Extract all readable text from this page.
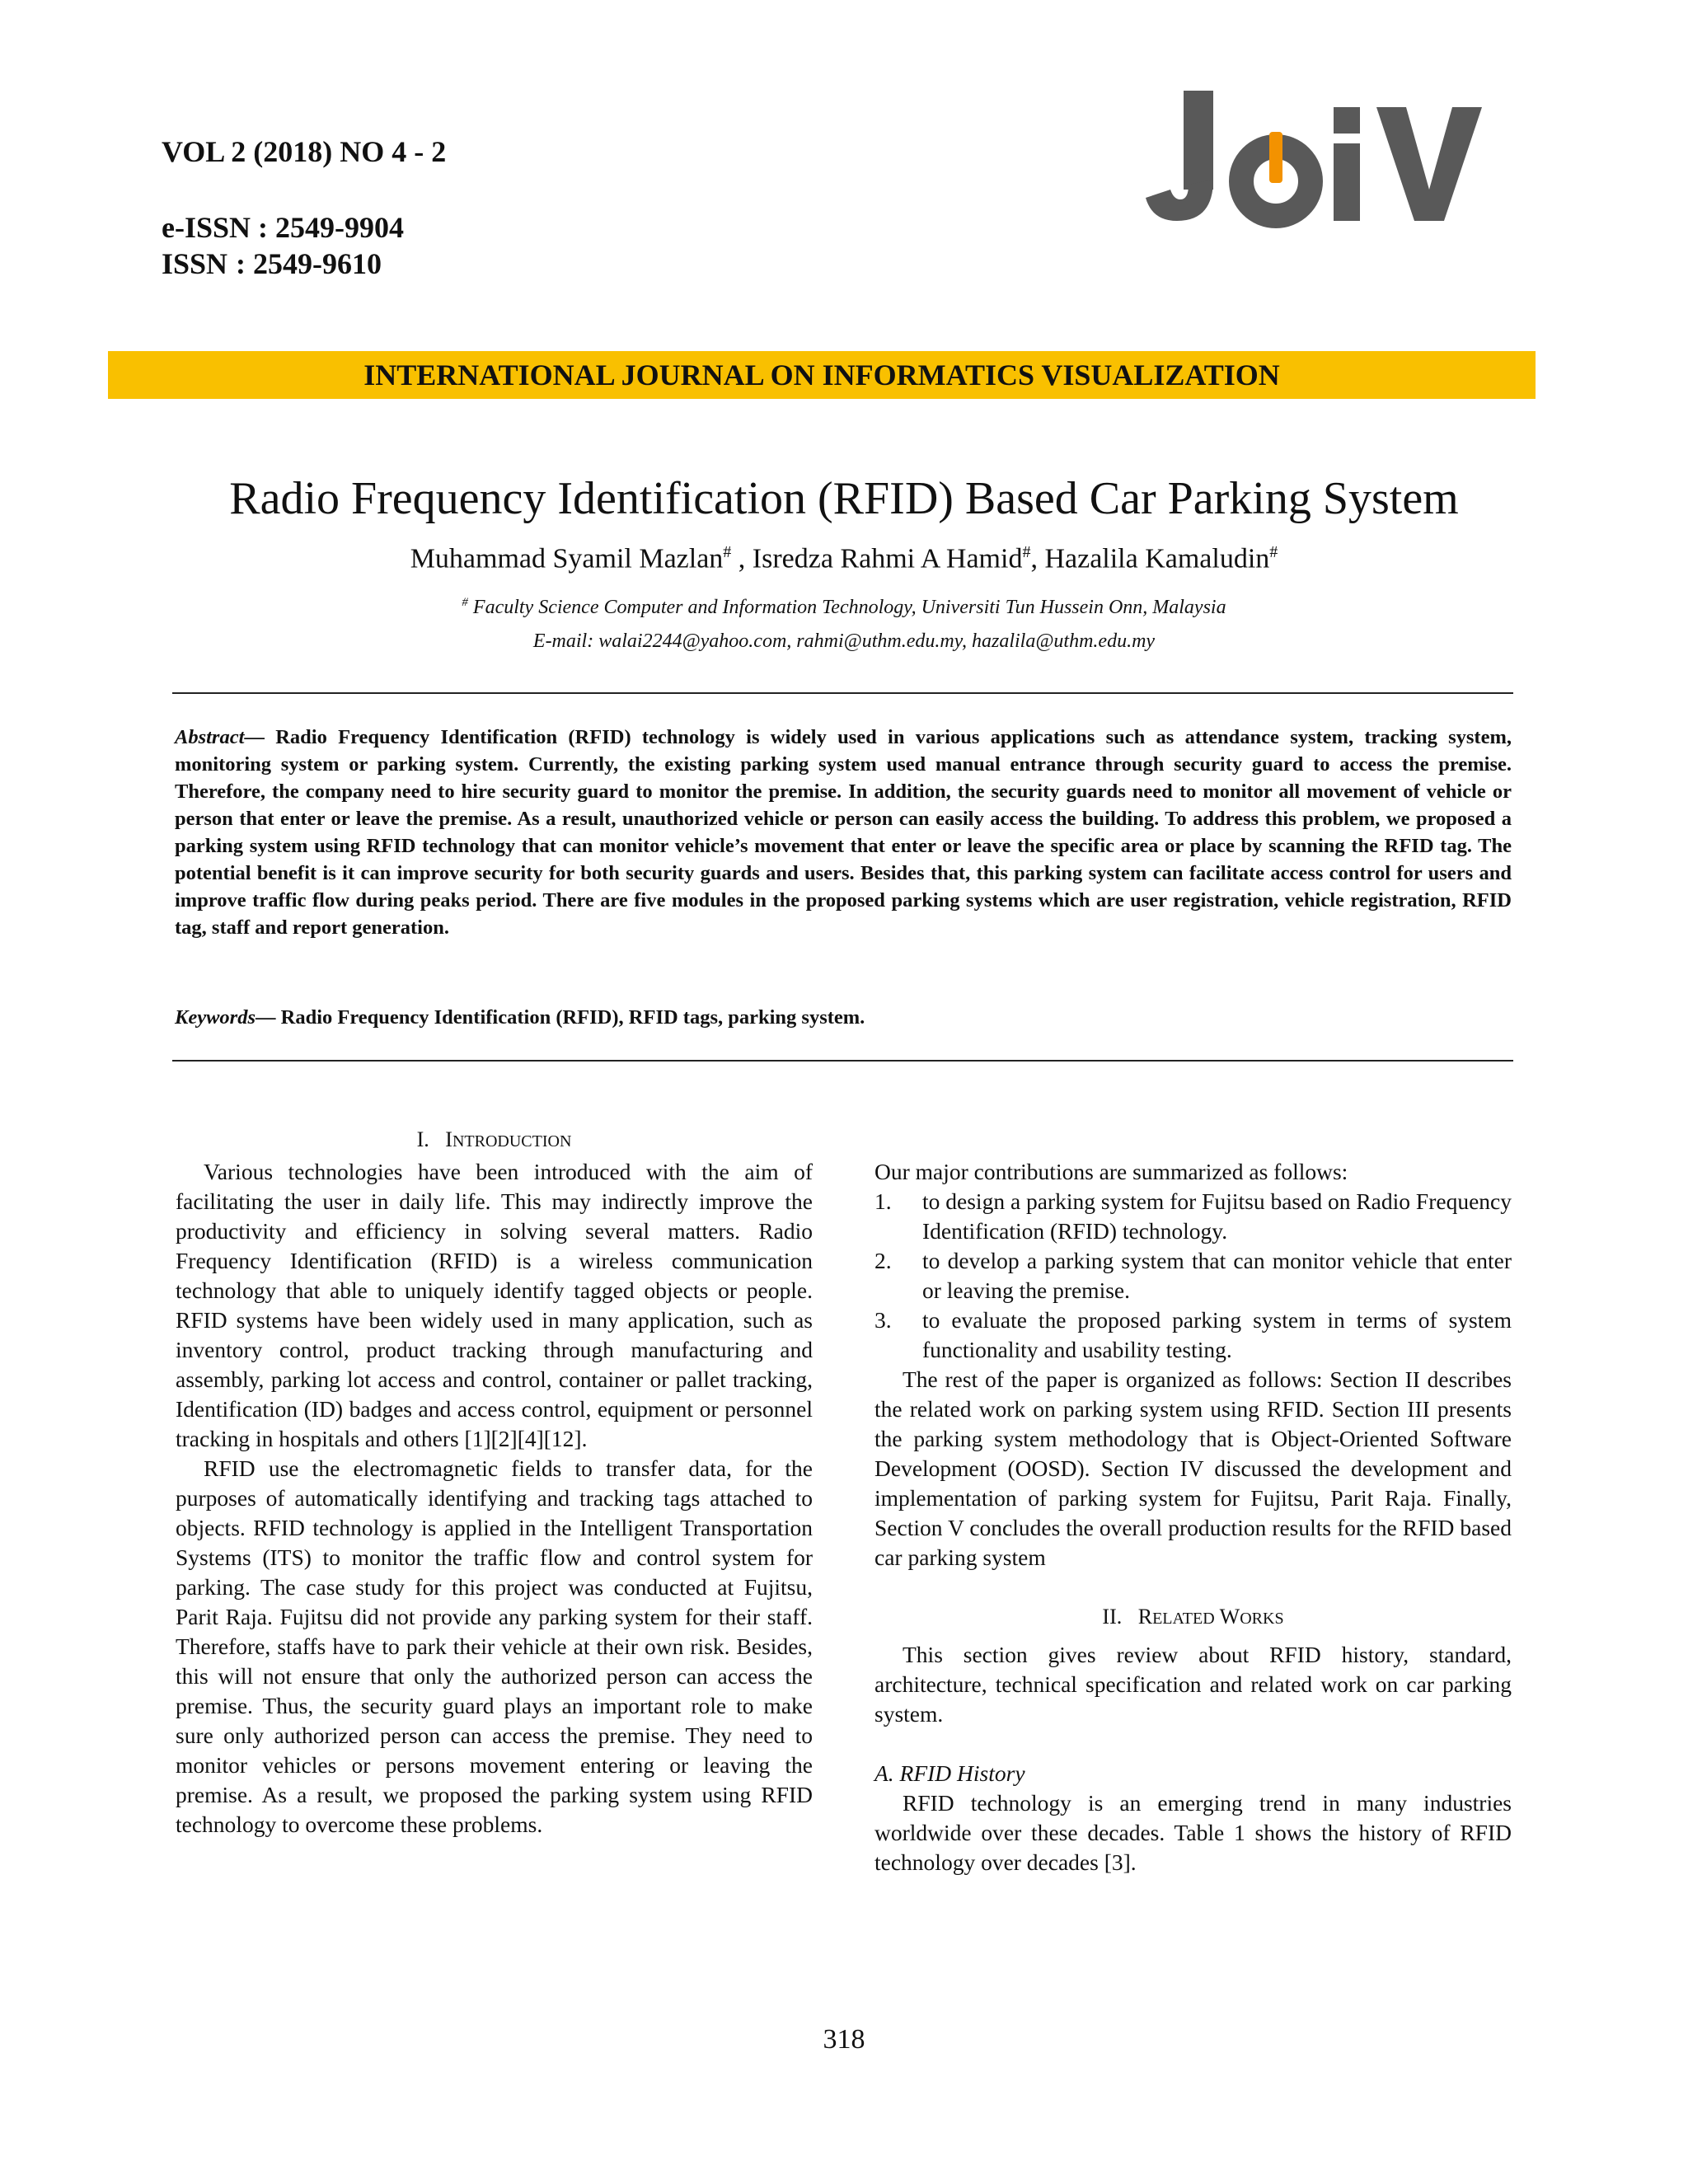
VOL 2 (2018) NO 4 - 2
e-ISSN : 2549-9904
ISSN : 2549-9610
INTERNATIONAL JOURNAL ON INFORMATICS VISUALIZATION
Radio Frequency Identification (RFID) Based Car Parking System
Muhammad Syamil Mazlan# , Isredza Rahmi A Hamid#, Hazalila Kamaludin#
# Faculty Science Computer and Information Technology, Universiti Tun Hussein Onn, Malaysia
E-mail: walai2244@yahoo.com, rahmi@uthm.edu.my, hazalila@uthm.edu.my
Abstract— Radio Frequency Identification (RFID) technology is widely used in various applications such as attendance system, tracking system, monitoring system or parking system. Currently, the existing parking system used manual entrance through security guard to access the premise. Therefore, the company need to hire security guard to monitor the premise. In addition, the security guards need to monitor all movement of vehicle or person that enter or leave the premise. As a result, unauthorized vehicle or person can easily access the building. To address this problem, we proposed a parking system using RFID technology that can monitor vehicle’s movement that enter or leave the specific area or place by scanning the RFID tag. The potential benefit is it can improve security for both security guards and users. Besides that, this parking system can facilitate access control for users and improve traffic flow during peaks period. There are five modules in the proposed parking systems which are user registration, vehicle registration, RFID tag, staff and report generation.
Keywords— Radio Frequency Identification (RFID), RFID tags, parking system.
I. INTRODUCTION

Various technologies have been introduced with the aim of facilitating the user in daily life. This may indirectly improve the productivity and efficiency in solving several matters. Radio Frequency Identification (RFID) is a wireless communication technology that able to uniquely identify tagged objects or people. RFID systems have been widely used in many application, such as inventory control, product tracking through manufacturing and assembly, parking lot access and control, container or pallet tracking, Identification (ID) badges and access control, equipment or personnel tracking in hospitals and others [1][2][4][12].

RFID use the electromagnetic fields to transfer data, for the purposes of automatically identifying and tracking tags attached to objects. RFID technology is applied in the Intelligent Transportation Systems (ITS) to monitor the traffic flow and control system for parking. The case study for this project was conducted at Fujitsu, Parit Raja. Fujitsu did not provide any parking system for their staff. Therefore, staffs have to park their vehicle at their own risk. Besides, this will not ensure that only the authorized person can access the premise. Thus, the security guard plays an important role to make sure only authorized person can access the premise. They need to monitor vehicles or persons movement entering or leaving the premise. As a result, we proposed the parking system using RFID technology to overcome these problems.

Our major contributions are summarized as follows:

1. to design a parking system for Fujitsu based on Radio Frequency Identification (RFID) technology.
2. to develop a parking system that can monitor vehicle that enter or leaving the premise.
3. to evaluate the proposed parking system in terms of system functionality and usability testing.

The rest of the paper is organized as follows: Section II describes the related work on parking system using RFID. Section III presents the parking system methodology that is Object-Oriented Software Development (OOSD). Section IV discussed the development and implementation of parking system for Fujitsu, Parit Raja. Finally, Section V concludes the overall production results for the RFID based car parking system

II. RELATED WORKS

This section gives review about RFID history, standard, architecture, technical specification and related work on car parking system.

A. RFID History

RFID technology is an emerging trend in many industries worldwide over these decades. Table 1 shows the history of RFID technology over decades [3].

318
